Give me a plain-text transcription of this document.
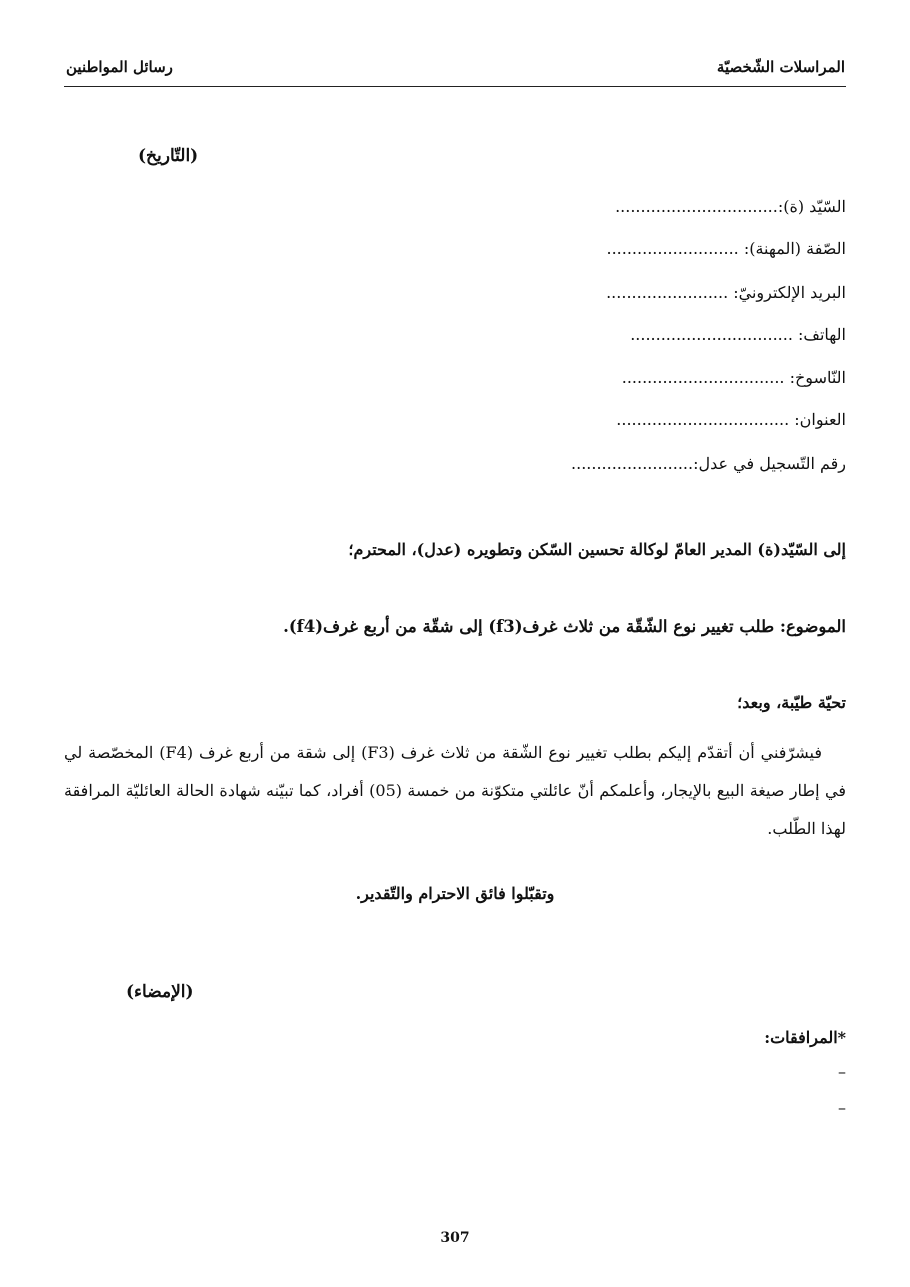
المراسلات الشّخصيّة
رسائل المواطنين
(التّاريخ)
السّيّد (ة):................................
الصّفة (المهنة): ..........................
البريد الإلكترونيّ: ........................
الهاتف: ................................
النّاسوخ: ................................
العنوان: ..................................
رقم التّسجيل في عدل:........................
إلى السّيّد(ة) المدير العامّ لوكالة تحسين السّكن وتطويره (عدل)، المحترم؛
الموضوع: طلب تغيير نوع الشّقّة من ثلاث غرف(f3) إلى شقّة من أربع غرف(f4).
تحيّة طيّبة، وبعد؛
فيشرّفني أن أتقدّم إليكم بطلب تغيير نوع الشّقة من ثلاث غرف (F3) إلى شقة من أربع غرف (F4) المخصّصة لي في إطار صيغة البيع بالإيجار، وأعلمكم أنّ عائلتي متكوّنة من خمسة (05) أفراد، كما تبيّنه شهادة الحالة العائليّة المرافقة لهذا الطّلب.
وتقبّلوا فائق الاحترام والتّقدير.
(الإمضاء)
*المرافقات:
–
–
307
